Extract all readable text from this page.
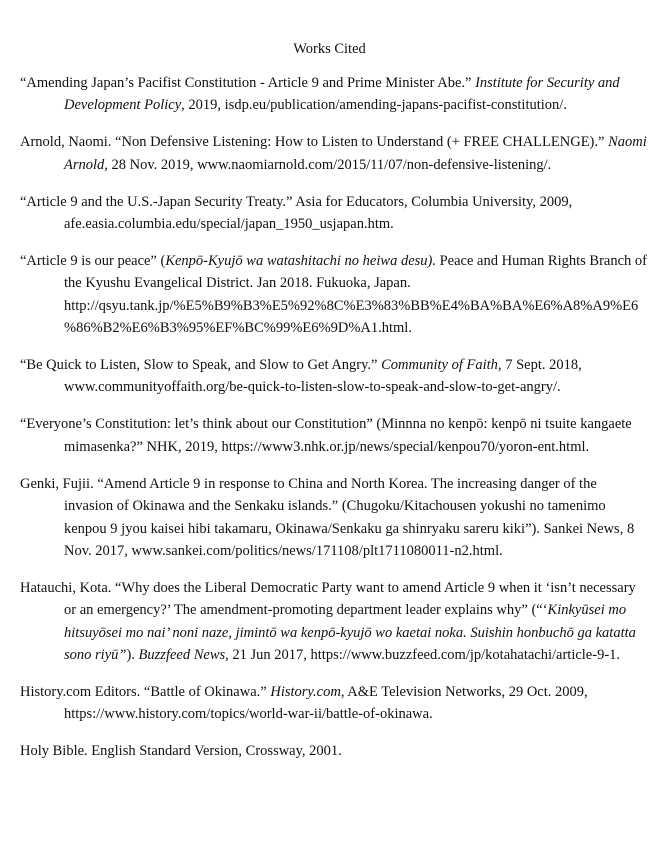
Works Cited

“Amending Japan’s Pacifist Constitution - Article 9 and Prime Minister Abe.” Institute for Security and Development Policy, 2019, isdp.eu/publication/amending-japans-pacifist-constitution/.

Arnold, Naomi. “Non Defensive Listening: How to Listen to Understand (+ FREE CHALLENGE).” Naomi Arnold, 28 Nov. 2019, www.naomiarnold.com/2015/11/07/non-defensive-listening/.

“Article 9 and the U.S.-Japan Security Treaty.” Asia for Educators, Columbia University, 2009, afe.easia.columbia.edu/special/japan_1950_usjapan.htm.

“Article 9 is our peace” (Kenpō-Kyujō wa watashitachi no heiwa desu). Peace and Human Rights Branch of the Kyushu Evangelical District. Jan 2018. Fukuoka, Japan. http://qsyu.tank.jp/%E5%B9%B3%E5%92%8C%E3%83%BB%E4%BA%BA%E6%A8%A9%E6%86%B2%E6%B3%95%EF%BC%99%E6%9D%A1.html.

“Be Quick to Listen, Slow to Speak, and Slow to Get Angry.” Community of Faith, 7 Sept. 2018, www.communityoffaith.org/be-quick-to-listen-slow-to-speak-and-slow-to-get-angry/.

“Everyone’s Constitution: let’s think about our Constitution” (Minnna no kenpō: kenpō ni tsuite kangaete mimasenka?” NHK, 2019, https://www3.nhk.or.jp/news/special/kenpou70/yoron-ent.html.

Genki, Fujii. “Amend Article 9 in response to China and North Korea. The increasing danger of the invasion of Okinawa and the Senkaku islands.” (Chugoku/Kitachousen yokushi no tamenimo kenpou 9 jyou kaisei hibi takamaru, Okinawa/Senkaku ga shinryaku sareru kiki”). Sankei News, 8 Nov. 2017, www.sankei.com/politics/news/171108/plt1711080011-n2.html.

Hatauchi, Kota. “Why does the Liberal Democratic Party want to amend Article 9 when it ‘isn’t necessary or an emergency?’ The amendment-promoting department leader explains why” (“‘Kinkyūsei mo hitsuyōsei mo nai’ noni naze, jimintō wa kenpō-kyujō wo kaetai noka. Suishin honbuchō ga katatta sono riyū”). Buzzfeed News, 21 Jun 2017, https://www.buzzfeed.com/jp/kotahatachi/article-9-1.

History.com Editors. “Battle of Okinawa.” History.com, A&E Television Networks, 29 Oct. 2009, https://www.history.com/topics/world-war-ii/battle-of-okinawa.

Holy Bible. English Standard Version, Crossway, 2001.
